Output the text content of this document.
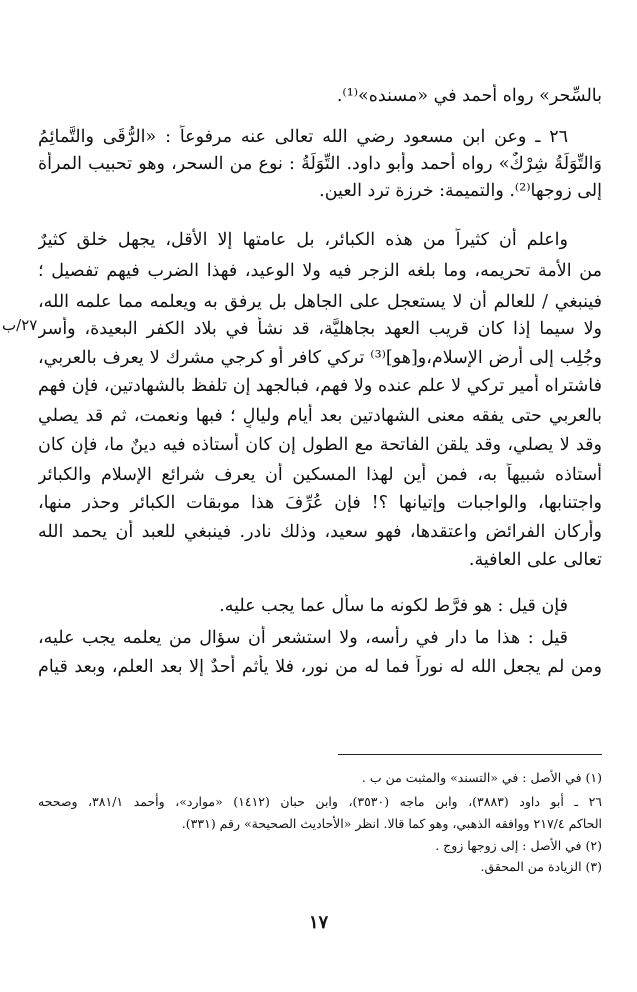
بالسِّحر» رواه أحمد في «مسنده»⁽¹⁾.
٢٦ ـ وعن ابن مسعود رضي الله تعالى عنه مرفوعاً : «الرُّقَى والتَّمائِمُ
وَالتِّوَلَةُ شِرْكٌ» رواه أحمد وأبو داود. التِّوَلَةُ : نوع من السحر، وهو تحبيب المرأة
إلى زوجها⁽²⁾. والتميمة: خرزة ترد العين.
واعلم أن كثيراً من هذه الكبائر، بل عامتها إلا الأقل، يجهل خلق كثيرٌ
من الأمة تحريمه، وما بلغه الزجر فيه ولا الوعيد، فهذا الضرب فيهم تفصيل ؛
فينبغي / للعالم أن لا يستعجل على الجاهل بل يرفق به ويعلمه مما علمه الله،
ولا سيما إذا كان قريب العهد بجاهليَّة، قد نشأ في بلاد الكفر البعيدة، وأُسر
وجُلِب إلى أرض الإسلام،و[هو]⁽³⁾ تركي كافر أو كرجي مشرك لا يعرف بالعربي،
فاشتراه أمير تركي لا علم عنده ولا فهم، فبالجهد إن تلفظ بالشهادتين، فإن فهم
بالعربي حتى يفقه معنى الشهادتين بعد أيام وليالٍ ؛ فبها ونعمت، ثم قد يصلي
وقد لا يصلي، وقد يلقن الفاتحة مع الطول إن كان أستاذه فيه دينٌ ما، فإن كان
أستاذه شبيهاً به، فمن أين لهذا المسكين أن يعرف شرائع الإسلام والكبائر
واجتنابها، والواجبات وإتيانها ؟! فإن عُرِّفَ هذا موبقات الكبائر وحذر منها،
وأركان الفرائض واعتقدها، فهو سعيد، وذلك نادر. فينبغي للعبد أن يحمد الله
تعالى على العافية.
فإن قيل : هو فرَّط لكونه ما سأل عما يجب عليه.
قيل : هذا ما دار في رأسه، ولا استشعر أن سؤال من يعلمه يجب عليه،
ومن لم يجعل الله له نوراً فما له من نور، فلا يأثم أحدٌ إلا بعد العلم، وبعد قيام
٢٧/ب
(١) في الأصل : في «التسند» والمثبت من ب .
٢٦ ـ أبو داود (٣٨٨٣)، وابن ماجه (٣٥٣٠)، وابن حبان (١٤١٢) «موارد»، وأحمد ٣٨١/١، وصححه
الحاكم ٢١٧/٤ ووافقه الذهبي، وهو كما قالا. انظر «الأحاديث الصحيحة» رقم (٣٣١).
(٢) في الأصل : إلى زوجها زوج .
(٣) الزيادة من المحقق.
١٧
